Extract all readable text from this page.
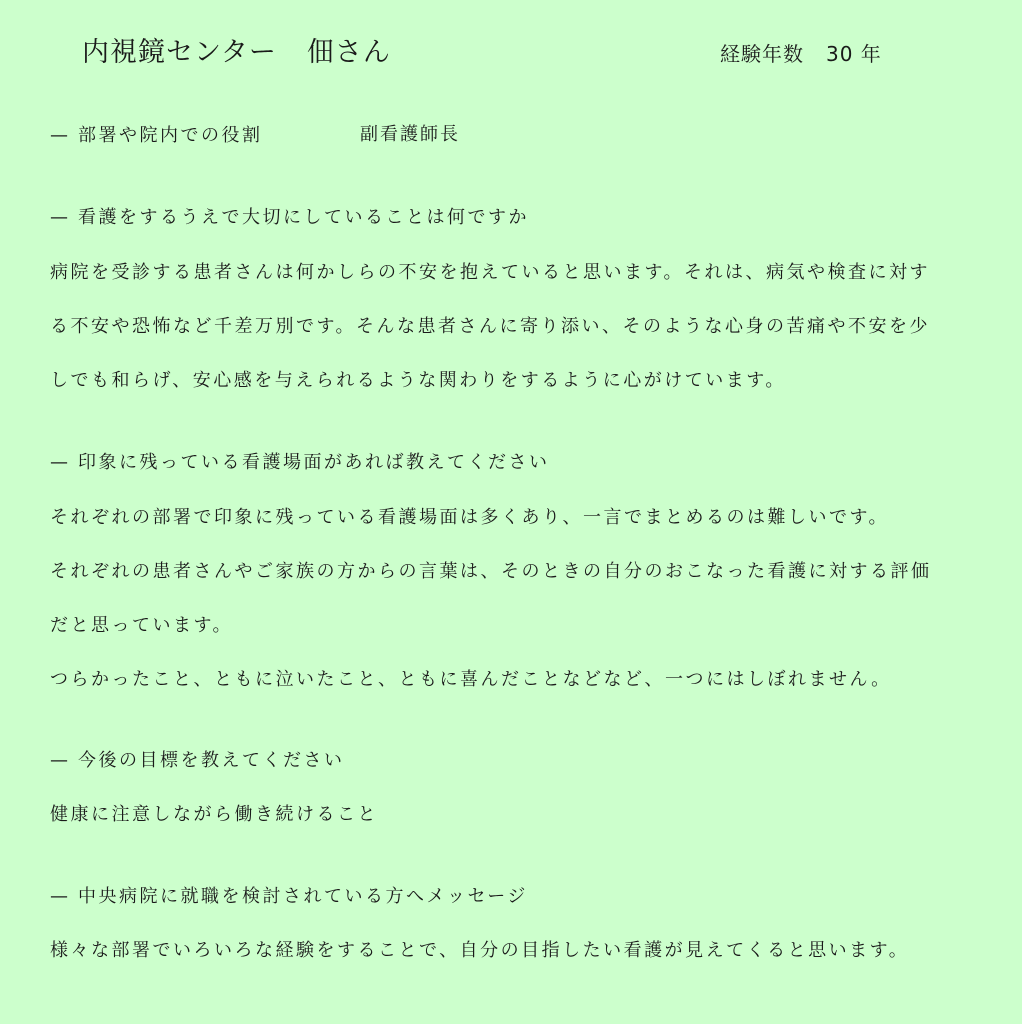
内視鏡センター 佃さん	経験年数 30 年
— 部署や院内での役割	副看護師長
— 看護をするうえで大切にしていることは何ですか
病院を受診する患者さんは何かしらの不安を抱えていると思います。それは、病気や検査に対す
る不安や恐怖など千差万別です。そんな患者さんに寄り添い、そのような心身の苦痛や不安を少
しでも和らげ、安心感を与えられるような関わりをするように心がけています。
— 印象に残っている看護場面があれば教えてください
それぞれの部署で印象に残っている看護場面は多くあり、一言でまとめるのは難しいです。
それぞれの患者さんやご家族の方からの言葉は、そのときの自分のおこなった看護に対する評価
だと思っています。
つらかったこと、ともに泣いたこと、ともに喜んだことなどなど、一つにはしぼれません。
— 今後の目標を教えてください
健康に注意しながら働き続けること
— 中央病院に就職を検討されている方へメッセージ
様々な部署でいろいろな経験をすることで、自分の目指したい看護が見えてくると思います。
